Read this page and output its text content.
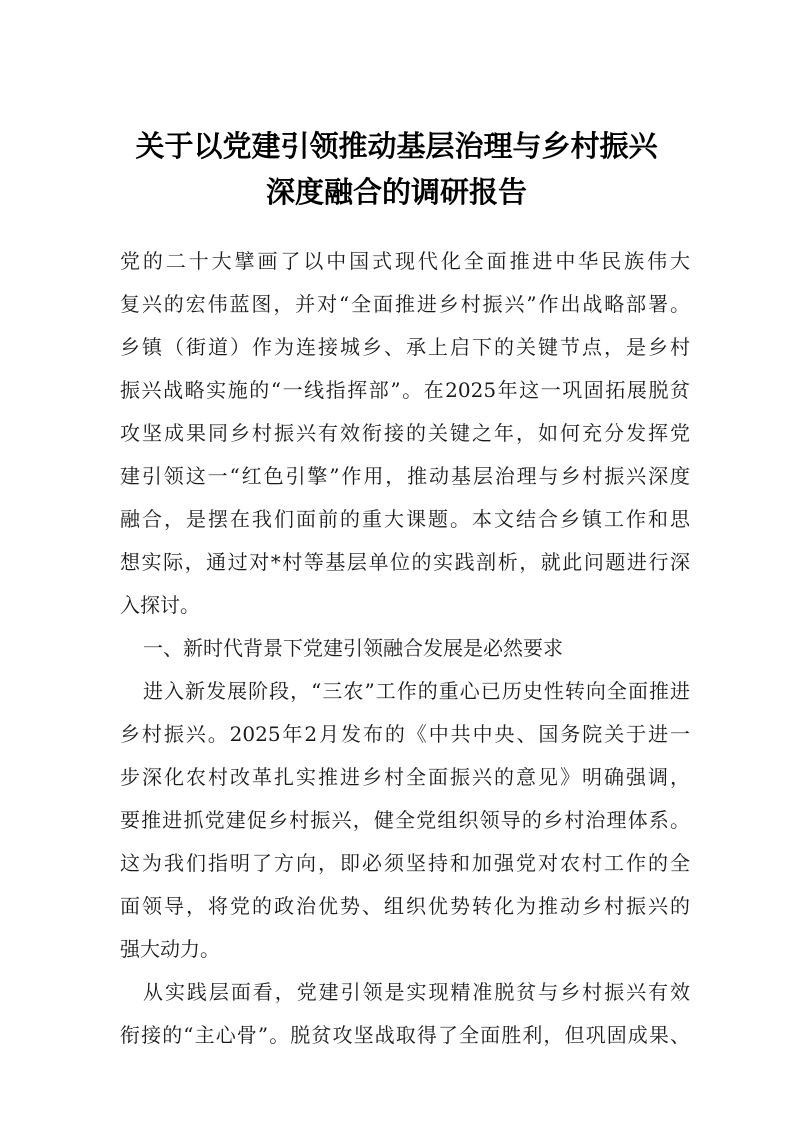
关于以党建引领推动基层治理与乡村振兴
深度融合的调研报告
党的二十大擘画了以中国式现代化全面推进中华民族伟大
复兴的宏伟蓝图，并对“全面推进乡村振兴”作出战略部署。
乡镇（街道）作为连接城乡、承上启下的关键节点，是乡村
振兴战略实施的“一线指挥部”。在2025年这一巩固拓展脱贫
攻坚成果同乡村振兴有效衔接的关键之年，如何充分发挥党
建引领这一“红色引擎”作用，推动基层治理与乡村振兴深度
融合，是摆在我们面前的重大课题。本文结合乡镇工作和思
想实际，通过对*村等基层单位的实践剖析，就此问题进行深
入探讨。
一、新时代背景下党建引领融合发展是必然要求
进入新发展阶段，“三农”工作的重心已历史性转向全面推进
乡村振兴。2025年2月发布的《中共中央、国务院关于进一
步深化农村改革扎实推进乡村全面振兴的意见》明确强调，
要推进抓党建促乡村振兴，健全党组织领导的乡村治理体系。
这为我们指明了方向，即必须坚持和加强党对农村工作的全
面领导，将党的政治优势、组织优势转化为推动乡村振兴的
强大动力。
从实践层面看，党建引领是实现精准脱贫与乡村振兴有效
衔接的“主心骨”。脱贫攻坚战取得了全面胜利，但巩固成果、
